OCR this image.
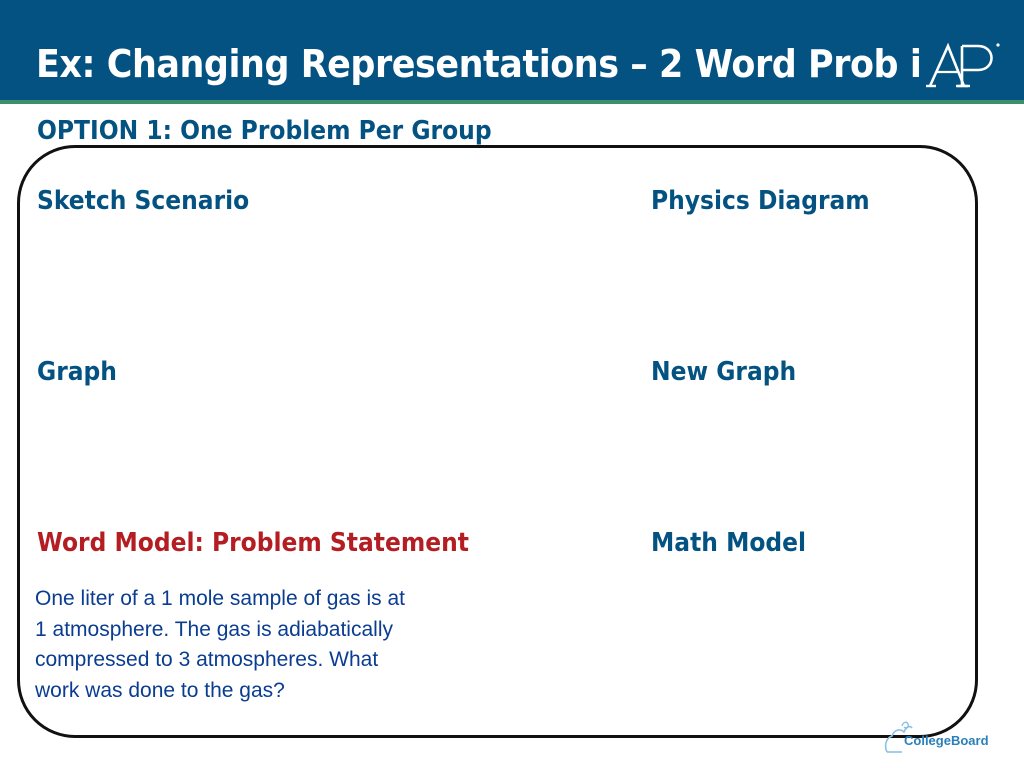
Ex: Changing Representations – 2 Word Prob i
OPTION 1: One Problem Per Group
Sketch Scenario	Physics Diagram
Graph	New Graph
Word Model: Problem Statement	Math Model
One liter of a 1 mole sample of gas is at
1 atmosphere. The gas is adiabatically
compressed to 3 atmospheres. What
work was done to the gas?
CollegeBoard
